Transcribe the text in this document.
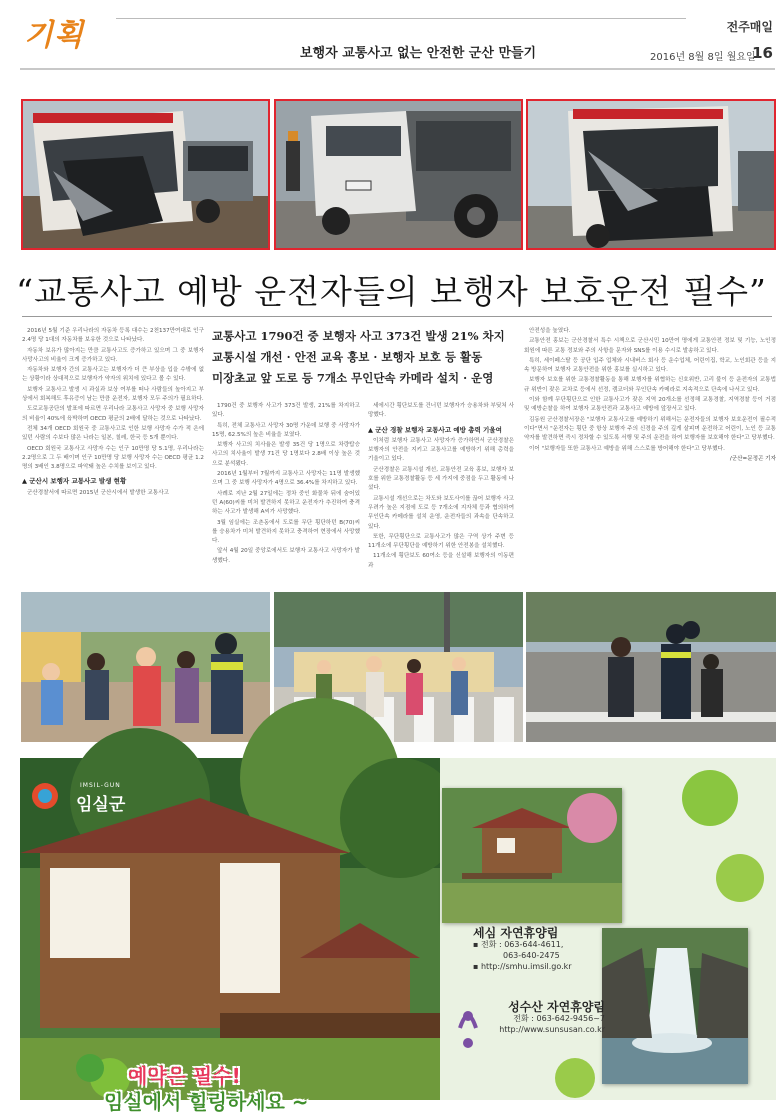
기획	전주매일
보행자 교통사고 없는 안전한 군산 만들기	2016년 8월 8일 월요일
16
“교통사고 예방 운전자들의 보행자 보호운전 필수”

2016년 5월 기준 우리나라의 자동차 등록 대수는 2천137만여대로 인구 2.4명 당 1대의 자동차를 보유한 것으로 나타났다.

자동차 보유가 많아지는 만큼 교통사고도 증가하고 있으며 그 중 보행자 사망사고의 비율이 크게 증가하고 있다.

자동차와 보행자 간의 교통사고는 보행자가 더 큰 부상을 입을 수밖에 없는 상황이라 상대적으로 보행자가 약자의 위치에 있다고 볼 수 있다.

보행자 교통사고 발생 시 과실과 보상 여부를 떠나 사람들의 높아지고 부상에서 회복해도 후유증이 남는 만큼 운전자, 보행자 모두 주의가 필요하다.

도로교통공단의 발표에 따르면 우리나라 교통사고 사망자 중 보행 사망자의 비율이 40%에 육박하며 OECD 평균의 2배에 달하는 것으로 나타났다.

전체 34개 OECD 회원국 중 교통사고로 인한 보행 사망자 수가 적 은에 있던 사람의 수보다 많은 나라는 일본, 칠레, 한국 등 5개 뿐이다.

OECD 회원국 교통사고 사망자 수는 인구 10만명 당 5.1명, 우리나라는 2.2명으로 그 두 배이며 인구 10만명 당 보행 사망자 수는 OECD 평균 1.2명의 3배인 3.8명으로 파악돼 높은 수치를 보이고 있다.

▲ 군산시 보행자 교통사고 발생 현황

군산경찰서에 따르면 2015년 군산시에서 발생한 교통사고

교통사고 1790건 중 보행자 사고 373건 발생 21% 차지
교통시설 개선 · 안전 교육 홍보 · 보행자 보호 등 활동
미장초교 앞 도로 등 7개소 무인단속 카메라 설치 · 운영

1790건 중 보행자 사고가 373건 발생, 21%를 차지하고 있다.

특히, 전체 교통사고 사망자 30명 가운데 보행 중 사망자가 15명, 62.5%의 높은 비율을 보였다.

보행자 사고의 치사율은 발생 35건 당 1명으로 차량탑승 사고의 치사율이 발생 71건 당 1명보다 2.8배 이상 높은 것으로 분석됐다.

2016년 1월부터 7월까지 교통사고 사망자는 11명 발생했으며 그 중 보행 사망자가 4명으로 36.4%를 차지하고 있다.

사례로 지난 2월 27일에는 정차 중인 화물차 뒤에 숨어있던 A(60)씨를 미처 발견하지 못하고 운전자가 추진하여 충격하는 사고가 발생해 A씨가 사망했다.

3월 임실에는 조촌동에서 도로를 무단 횡단하던 B(70)씨를 승용차가 미처 발견하지 못하고 충격하여 현장에서 사망했다.

앞서 4월 20일 중앙로에서도 보행자 교통사고 사망자가 발생했다.

세에시간 횡단보도를 건너던 보행자가 승용차와 부딪쳐 사망했다.

▲ 군산 경찰 보행자 교통사고 예방 총력 기울여

이처럼 보행자 교통사고 사망자가 증가하면서 군산경찰은 보행자의 안전을 지키고 교통사고를 예방하기 위해 총력을 기울이고 있다.

군산경찰은 교통시설 개선, 교통안전 교육 홍보, 보행자 보호를 위한 교통경찰활동 등 세 가지에 중점을 두고 활동에 나섰다.

교통시설 개선으로는 차도와 보도사이를 끊어 보행자 사고 우려가 높은 지점에 도로 등 7개소에 지자체 등과 협의하여 무인단속 카메라를 설치 운영, 운전자들의 과속을 단속하고 있다.

또한, 무단횡단으로 교통사고가 많은 구역 상가 주변 등 11개소에 무단횡단을 예방하기 위한 안전봉을 설치했다.

11개소에 횡단보도 60여소 등을 신설해 보행자의 이동편과

안전성을 높였다.

교통안전 홍보는 군산경찰서 특수 시책으로 군산시민 10만여 명에게 교통안전 정보 및 기능, 노인정 회원에 따른 교통 정보와 주의 사항을 문자와 SNS를 이용 수시로 발송하고 있다.

특히, 세이페스탈 등 공단 입주 업체와 시내버스 회사 등 운수업체, 어린이집, 학교, 노인회관 등을 지속 방문하여 보행자 교통안전을 위한 홍보를 실시하고 있다.

보행자 보호를 위한 교통경찰활동을 통해 보행자를 위협하는 신호위반, 고리 불이 등 운전자의 교통법규 위반이 잦은 교차로 등에서 선정, 캠코더와 무인단속 카메라로 지속적으로 단속에 나서고 있다.

이와 함께 무단횡단으로 인한 교통사고가 잦은 지역 20개소를 선정해 교통경찰, 지역경찰 등이 거점 및 예방순찰을 하여 보행자 교통안전과 교통사고 예방에 앞장서고 있다.

김동원 군산경찰서장은 "보행자 교통사고를 예방하기 위해서는 운전자들의 보행자 보호운전이 필수적이다"면서 "운전자는 횡단 중 항상 보행자 주의 신경을 주의 깊게 살피며 운전하고 어린이, 노인 등 교통약자를 발견하면 즉시 정차할 수 있도록 서행 및 주의 운전을 하여 보행자를 보호해야 한다"고 당부했다.

이어 "보행자들 또한 교통사고 예방을 위해 스스로를 방어해야 한다"고 당부했다.

/군산=문정곤 기자

IMSIL-GUN
임실군
세심 자연휴양림
▪ 전화 : 063-644-4611,
063-640-2475
▪ http://smhu.imsil.go.kr
성수산 자연휴양림
전화 : 063-642-9456~7
http://www.sunsusan.co.kr
예약은 필수!
임실에서 힐링하세요 ~
